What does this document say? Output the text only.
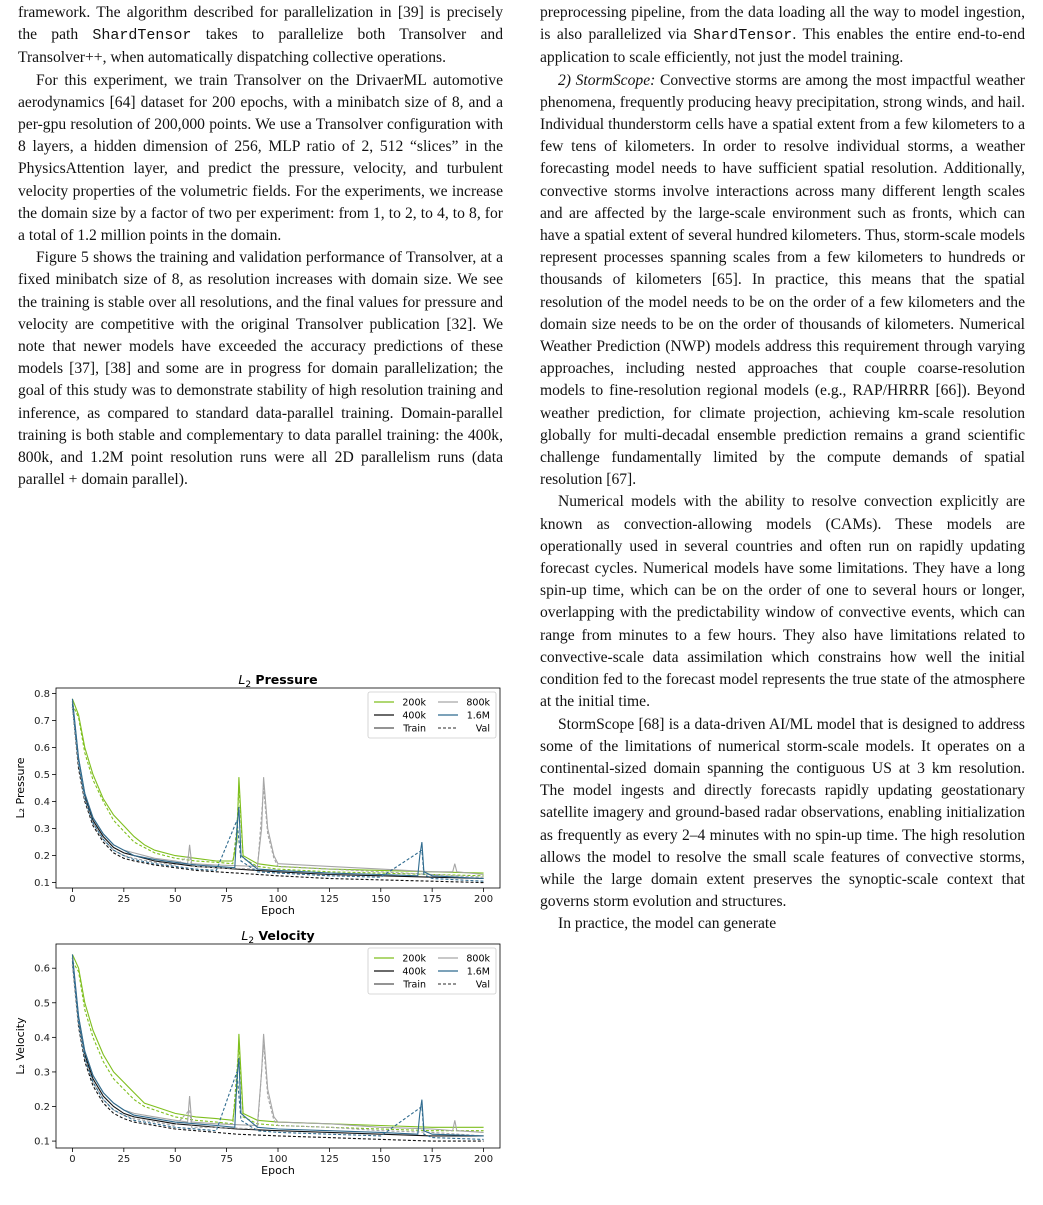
framework. The algorithm described for parallelization in [39] is precisely the path ShardTensor takes to parallelize both Transolver and Transolver++, when automatically dispatching collective operations.

For this experiment, we train Transolver on the DrivaerML automotive aerodynamics [64] dataset for 200 epochs, with a minibatch size of 8, and a per-gpu resolution of 200,000 points. We use a Transolver configuration with 8 layers, a hidden dimension of 256, MLP ratio of 2, 512 “slices” in the PhysicsAttention layer, and predict the pressure, velocity, and turbulent velocity properties of the volumetric fields. For the experiments, we increase the domain size by a factor of two per experiment: from 1, to 2, to 4, to 8, for a total of 1.2 million points in the domain.

Figure 5 shows the training and validation performance of Transolver, at a fixed minibatch size of 8, as resolution increases with domain size. We see the training is stable over all resolutions, and the final values for pressure and velocity are competitive with the original Transolver publication [32]. We note that newer models have exceeded the accuracy predictions of these models [37], [38] and some are in progress for domain parallelization; the goal of this study was to demonstrate stability of high resolution training and inference, as compared to standard data-parallel training. Domain-parallel training is both stable and complementary to data parallel training: the 400k, 800k, and 1.2M point resolution runs were all 2D parallelism runs (data parallel + domain parallel).

$L_2$ Pressure
0	25	50	75	100	125	150	175	200
0.1
0.2
0.3
0.4
0.5
0.6
0.7
0.8
Epoch
L₂ Pressure
200k	800k
400k	1.6M
Train	Val
$L_2$ Velocity
0	25	50	75	100	125	150	175	200
0.1
0.2
0.3
0.4
0.5
0.6
Epoch
L₂ Velocity
200k	800k
400k	1.6M
Train	Val

preprocessing pipeline, from the data loading all the way to model ingestion, is also parallelized via ShardTensor. This enables the entire end-to-end application to scale efficiently, not just the model training.

2) StormScope: Convective storms are among the most impactful weather phenomena, frequently producing heavy precipitation, strong winds, and hail. Individual thunderstorm cells have a spatial extent from a few kilometers to a few tens of kilometers. In order to resolve individual storms, a weather forecasting model needs to have sufficient spatial resolution. Additionally, convective storms involve interactions across many different length scales and are affected by the large-scale environment such as fronts, which can have a spatial extent of several hundred kilometers. Thus, storm-scale models represent processes spanning scales from a few kilometers to hundreds or thousands of kilometers [65]. In practice, this means that the spatial resolution of the model needs to be on the order of a few kilometers and the domain size needs to be on the order of thousands of kilometers. Numerical Weather Prediction (NWP) models address this requirement through varying approaches, including nested approaches that couple coarse-resolution models to fine-resolution regional models (e.g., RAP/HRRR [66]). Beyond weather prediction, for climate projection, achieving km-scale resolution globally for multi-decadal ensemble prediction remains a grand scientific challenge fundamentally limited by the compute demands of spatial resolution [67].

Numerical models with the ability to resolve convection explicitly are known as convection-allowing models (CAMs). These models are operationally used in several countries and often run on rapidly updating forecast cycles. Numerical models have some limitations. They have a long spin-up time, which can be on the order of one to several hours or longer, overlapping with the predictability window of convective events, which can range from minutes to a few hours. They also have limitations related to convective-scale data assimilation which constrains how well the initial condition fed to the forecast model represents the true state of the atmosphere at the initial time.

StormScope [68] is a data-driven AI/ML model that is designed to address some of the limitations of numerical storm-scale models. It operates on a continental-sized domain spanning the contiguous US at 3 km resolution. The model ingests and directly forecasts rapidly updating geostationary satellite imagery and ground-based radar observations, enabling initialization as frequently as every 2–4 minutes with no spin-up time. The high resolution allows the model to resolve the small scale features of convective storms, while the large domain extent preserves the synoptic-scale context that governs storm evolution and structures.

In practice, the model can generate
